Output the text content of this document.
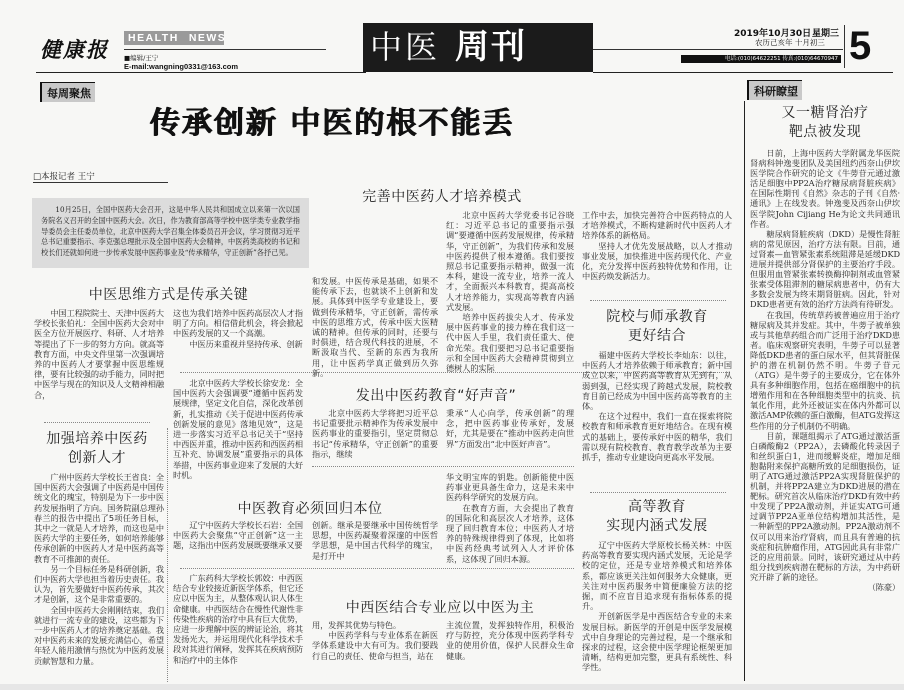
健康报	HEALTH NEWS
■编辑/王宁
E-mail:wangning0331@163.com
中医 周刊	2019年10月30日 星期三
农历己亥年 十月初三
电话:(010)64622251 传真:(010)64670947 5
每周聚焦
传承创新 中医的根不能丢
□本报记者 王宁

10月25日，全国中医药大会召开，这是中华人民共和国成立以来第一次以国务院名义召开的全国中医药大会。次日，作为教育部高等学校中医学类专业教学指导委员会主任委员单位，北京中医药大学召集全体委员召开会议，学习贯彻习近平总书记重要指示、李克强总理批示及全国中医药大会精神，中医药类高校的书记和校长们还就如何进一步传承发展中医药事业及“传承精华，守正创新”各抒己见。

完善中医药人才培养模式

北京中医药大学党委书记谷晓红：习近平总书记的重要指示强调“要遵循中医药发展规律，传承精华，守正创新”，为我们传承和发展中医药提供了根本遵循。我们要按照总书记重要指示精神，做强一流本科，建设一流专业，培养一流人才，全面振兴本科教育，提高高校人才培养能力，实现高等教育内涵式发展。

培养中医药拔尖人才、传承发展中医药事业的接力棒在我们这一代中医人手里，我们责任重大、使命光荣。我们要把习总书记重要指示和全国中医药大会精神贯彻到立德树人的实际

工作中去，加快完善符合中医药特点的人才培养模式，不断构建新时代中医药人才培养体系的新格局。

坚持人才优先发展战略，以人才推动事业发展，加快推进中医药现代化、产业化，充分发挥中医药独特优势和作用，让中医药焕发新活力。

中医思维方式是传承关键

中国工程院院士、天津中医药大学校长张伯礼：全国中医药大会对中医全方位开展医疗、科研、人才培养等提出了下一步的努力方向。就高等教育方面，中央文件里第一次强调培养的中医药人才要掌握中医思维规律，要有比较强的动手能力，同时把中医学与现在的知识及人文精神相融合，

这也为我们培养中医药高层次人才指明了方向。相信借此机会，将会掀起中医药发展的又一个高潮。

中医历来重视并坚持传承、创新

和发展。中医传承是基础，如果不能传承下去，也就谈不上创新和发展。具体到中医学专业建设上，要做到传承精华，守正创新，需传承中医的思维方式，传承中医大医精诚的精神。但传承的同时，还要与时俱进，结合现代科技的进展，不断汲取当代、至新的东西为我所用，让中医药学真正做到历久弥新。

北京中医药大学校长徐安龙：全国中医药大会强调要“遵循中医药发展规律，坚定文化自信，深化改革创新，扎实推动《关于促进中医药传承创新发展的意见》落地见效”，这是进一步落实习近平总书记关于“坚持中西医并重，推动中医药和西医药相互补充、协调发展”重要指示的具体举措，中医药事业迎来了发展的大好时机。

加强培养中医药
创新人才

广州中医药大学校长王省良：全国中医药大会强调了中医药是中国传统文化的瑰宝，特别是为下一步中医药发展指明了方向。国务院副总理孙春兰的报告中提出了5项任务目标，其中之一就是人才培养，而这也是中医药大学的主要任务，如何培养能够传承创新的中医药人才是中医药高等教育不可推卸的责任。

另一个目标任务是科研创新，我们中医药大学也担当着历史责任。我认为，首先要做好中医药传承，其次才是创新，这个是非常重要的。

全国中医药大会刚刚结束，我们就进行一流专业的建设，这些都为下一步中医药人才的培养奠定基础。我对中医药未来的发展充满信心，希望年轻人能用激情与热忱为中医药发展贡献智慧和力量。

发出中医药教育“好声音”

北京中医药大学将把习近平总书记重要批示精神作为传承发展中医药事业的重要指引，坚定贯彻总书记“传承精华，守正创新”的重要指示，继续

秉承“人心向学，传承创新”的理念，把中医药事业传承好，发展好，尤其是要在“推动中医药走向世界”方面发出“北中医好声音”。

中医教育必须回归本位

辽宁中医药大学校长石岩：全国中医药大会聚焦“守正创新”这一主题，这指出中医药发展既要继承又要

创新。继承是要继承中国传统哲学思想，中医药凝聚着深邃的中医哲学思想，是中国古代科学的瑰宝，是打开中

华文明宝库的钥匙。创新能使中医药事业更具备生命力，这是未来中医药科学研究的发展方向。

在教育方面，大会提出了教育的国际化和高层次人才培养，这体现了回归教育本位；中医药人才培养的特殊规律得到了体现，比如将中医药经典考试列入人才评价体系，这体现了回归本源。

广东药科大学校长郭姣：中西医结合专业较接近新医学体系，但它还应以中医为主，从整体观认识人体生命健康。中西医结合在慢性代谢性非传染性疾病的治疗中具有巨大优势，应进一步理解中医的辨证论治，将其发扬光大，并运用现代化科学技术手段对其进行阐释，发挥其在疾病预防和治疗中的主体作

中西医结合专业应以中医为主

用，发挥其优势与特色。

中医药学科与专业体系在新医学体系建设中大有可为。我们要践行自己的责任、使命与担当，站在

主流位置，发挥独特作用，积极治疗与防控，充分体现中医药学科专业的使用价值，保护人民群众生命健康。

院校与师承教育
更好结合

福建中医药大学校长李灿东：以往，中医药人才培养依赖于师承教育；新中国成立以来，中医药高等教育从无到有，从弱到强，已经实现了跨越式发展，院校教育目前已经成为中国中医药高等教育的主体。

在这个过程中，我们一直在探索将院校教育和师承教育更好地结合。在现有模式的基础上，要传承好中医的精华，我们需以现有院校教育、教育教学改革为主要抓手，推动专业建设向更高水平发展。

高等教育
实现内涵式发展

辽宁中医药大学原校长杨关林：中医药高等教育要实现内涵式发展，无论是学校的定位，还是专业培养模式和培养体系，都应该更关注如何服务大众健康，更关注对中医药服务中简便廉验方法的挖掘，而不应盲目追求现有指标体系的提升。

开创新医学是中西医结合专业的未来发展目标。新医学的开创是中医学发展模式中自身理论的完善过程，是一个继承和探求的过程，这会使中医学理论框架更加清晰，结构更加完整，更具有系统性、科学性。

科研瞭望
又一糖肾治疗
靶点被发现

日前，上海中医药大学附属龙华医院肾病科钟逸斐团队及美国纽约西奈山伊坎医学院合作研究的论文《牛蒡苷元通过激活足细胞中PP2A治疗糖尿病肾脏疾病》在国际性期刊《自然》杂志的子刊《自然·通讯》上在线发表。钟逸斐及西奈山伊坎医学院John Cijiang He为论文共同通讯作者。

糖尿病肾脏疾病（DKD）是慢性肾脏病的常见原因，治疗方法有限。目前，通过肾素—血管紧张素系统阻滞是延缓DKD进展并提供部分肾保护的主要治疗手段。但服用血管紧张素转换酶抑制剂或血管紧张素受体阻滞剂的糖尿病患者中，仍有大多数会发展为终末期肾脏病。因此，针对DKD患者更有效的治疗方法尚有待研发。

在我国，传统草药被普遍应用于治疗糖尿病及其并发症。其中，牛蒡子被单独或与其他草药组合而广泛用于治疗DKD患者。临床观察研究表明，牛蒡子可以显著降低DKD患者的蛋白尿水平，但其肾脏保护的潜在机制仍然不明。牛蒡子苷元（ATG）是牛蒡子的主要成分，它在体外具有多种细胞作用，包括在癌细胞中的抗增殖作用和在各种细胞类型中的抗炎、抗氧化作用，此外还被证实在体内外都可以激活AMP依赖的蛋白激酶，但ATG发挥这些作用的分子机制仍不明确。

目前，课题组揭示了ATG通过激活蛋白磷酸酶2（PP2A），去磷酸化转录因子和丝织蛋白1，进而缓解炎症，增加足细胞黏附来保护高糖所致的足细胞损伤，证明了ATG通过激活PP2A实现肾脏保护的机制，并将PP2A建立为DKD进展的潜在靶标。研究首次从临床治疗DKD有效中药中发现了PP2A激动剂，并证实ATG可通过调节PP2A亚单位结构增加其活性，是一种新型的PP2A激动剂。PP2A激动剂不仅可以用来治疗肾病，而且具有普遍的抗炎症和抗肿瘤作用，ATG因此具有非常广泛的应用前景。同时，该研究通过从中药组分找到疾病潜在靶标的方法，为中药研究开辟了新的途径。

（陈豪）
